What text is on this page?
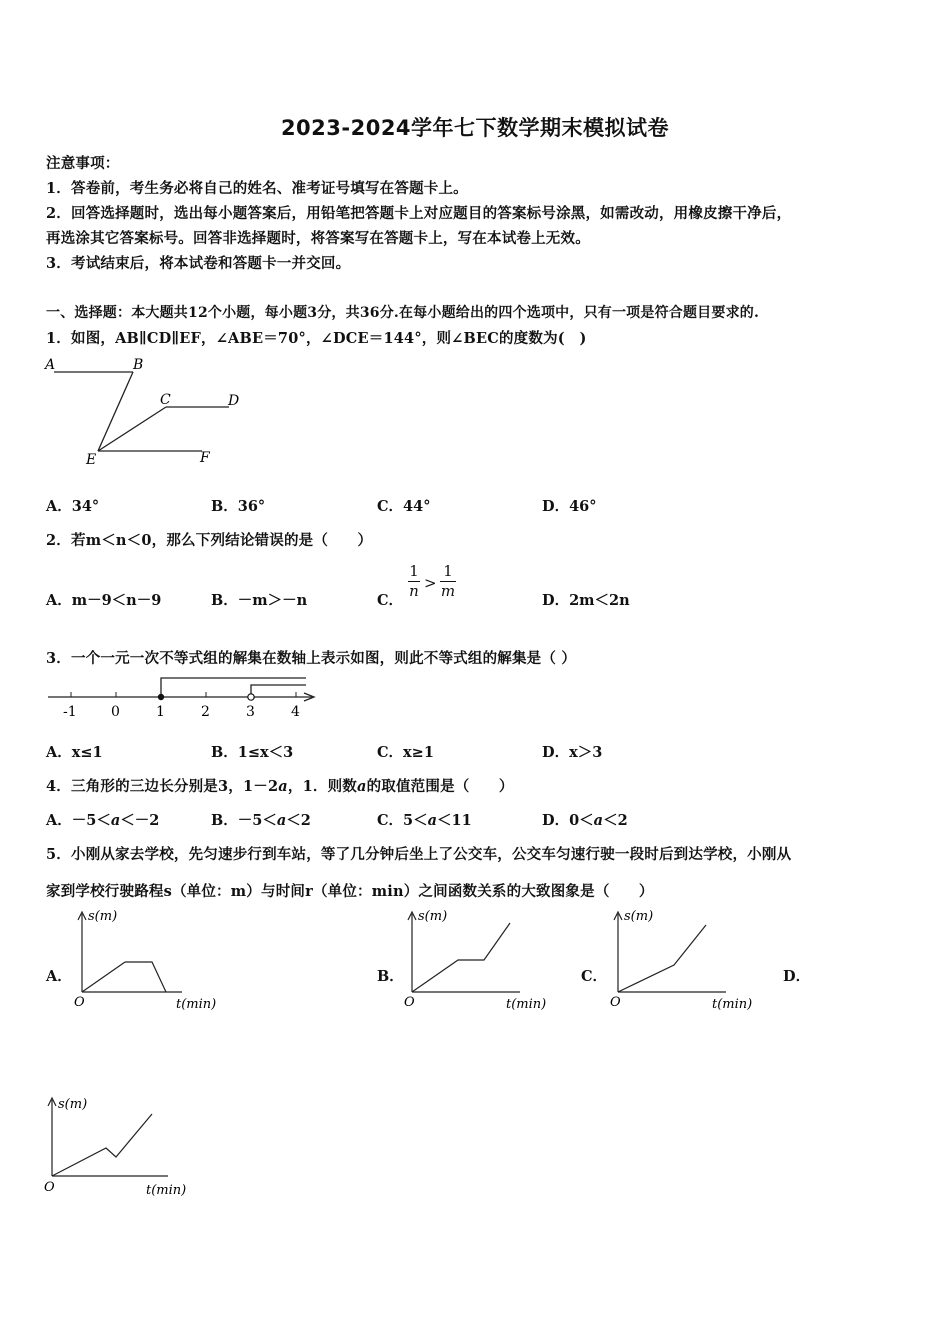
2023-2024学年七下数学期末模拟试卷
注意事项：
1．答卷前，考生务必将自己的姓名、准考证号填写在答题卡上。
2．回答选择题时，选出每小题答案后，用铅笔把答题卡上对应题目的答案标号涂黑，如需改动，用橡皮擦干净后，
再选涂其它答案标号。回答非选择题时，将答案写在答题卡上，写在本试卷上无效。
3．考试结束后，将本试卷和答题卡一并交回。
一、选择题：本大题共12个小题，每小题3分，共36分.在每小题给出的四个选项中，只有一项是符合题目要求的.
1．如图，AB∥CD∥EF，∠ABE＝70°，∠DCE＝144°，则∠BEC的度数为(　)
A	B
C	D
E	F
A．34°	B．36°	C．44°	D．46°
2．若m＜n＜0，那么下列结论错误的是（　　）
A．m－9＜n－9	B．－m＞－n	C．
1
n >
1
m
D．2m＜2n
3．一个一元一次不等式组的解集在数轴上表示如图，则此不等式组的解集是（ ）
-1 0	1	2	3	4
A．x≤1	B．1≤x＜3	C．x≥1	D．x＞3
4．三角形的三边长分别是3，1－2a，1．则数a的取值范围是（　　）
A．－5＜a＜－2	B．－5＜a＜2	C．5＜a＜11	D．0＜a＜2
5．小刚从家去学校，先匀速步行到车站，等了几分钟后坐上了公交车，公交车匀速行驶一段时后到达学校，小刚从
家到学校行驶路程s（单位：m）与时间r（单位：min）之间函数关系的大致图象是（　　）
A．
s(m)
O	t(min)
B．
s(m)
O	t(min)
C．
s(m)
O	t(min)
D．
s(m)
O	t(min)
